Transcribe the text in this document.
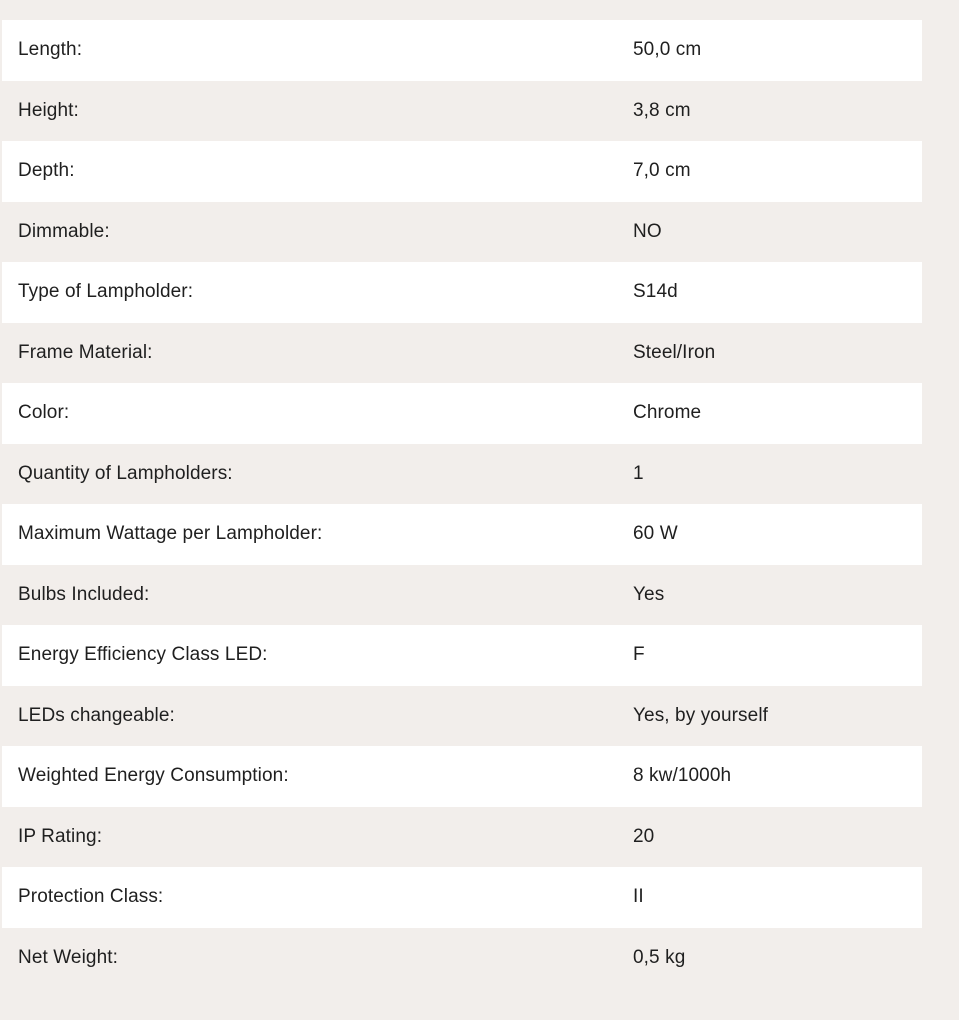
Length:	50,0 cm
Height:	3,8 cm
Depth:	7,0 cm
Dimmable:	NO
Type of Lampholder:	S14d
Frame Material:	Steel/Iron
Color:	Chrome
Quantity of Lampholders:	1
Maximum Wattage per Lampholder:	60 W
Bulbs Included:	Yes
Energy Efficiency Class LED:	F
LEDs changeable:	Yes, by yourself
Weighted Energy Consumption:	8 kw/1000h
IP Rating:	20
Protection Class:	II
Net Weight:	0,5 kg
